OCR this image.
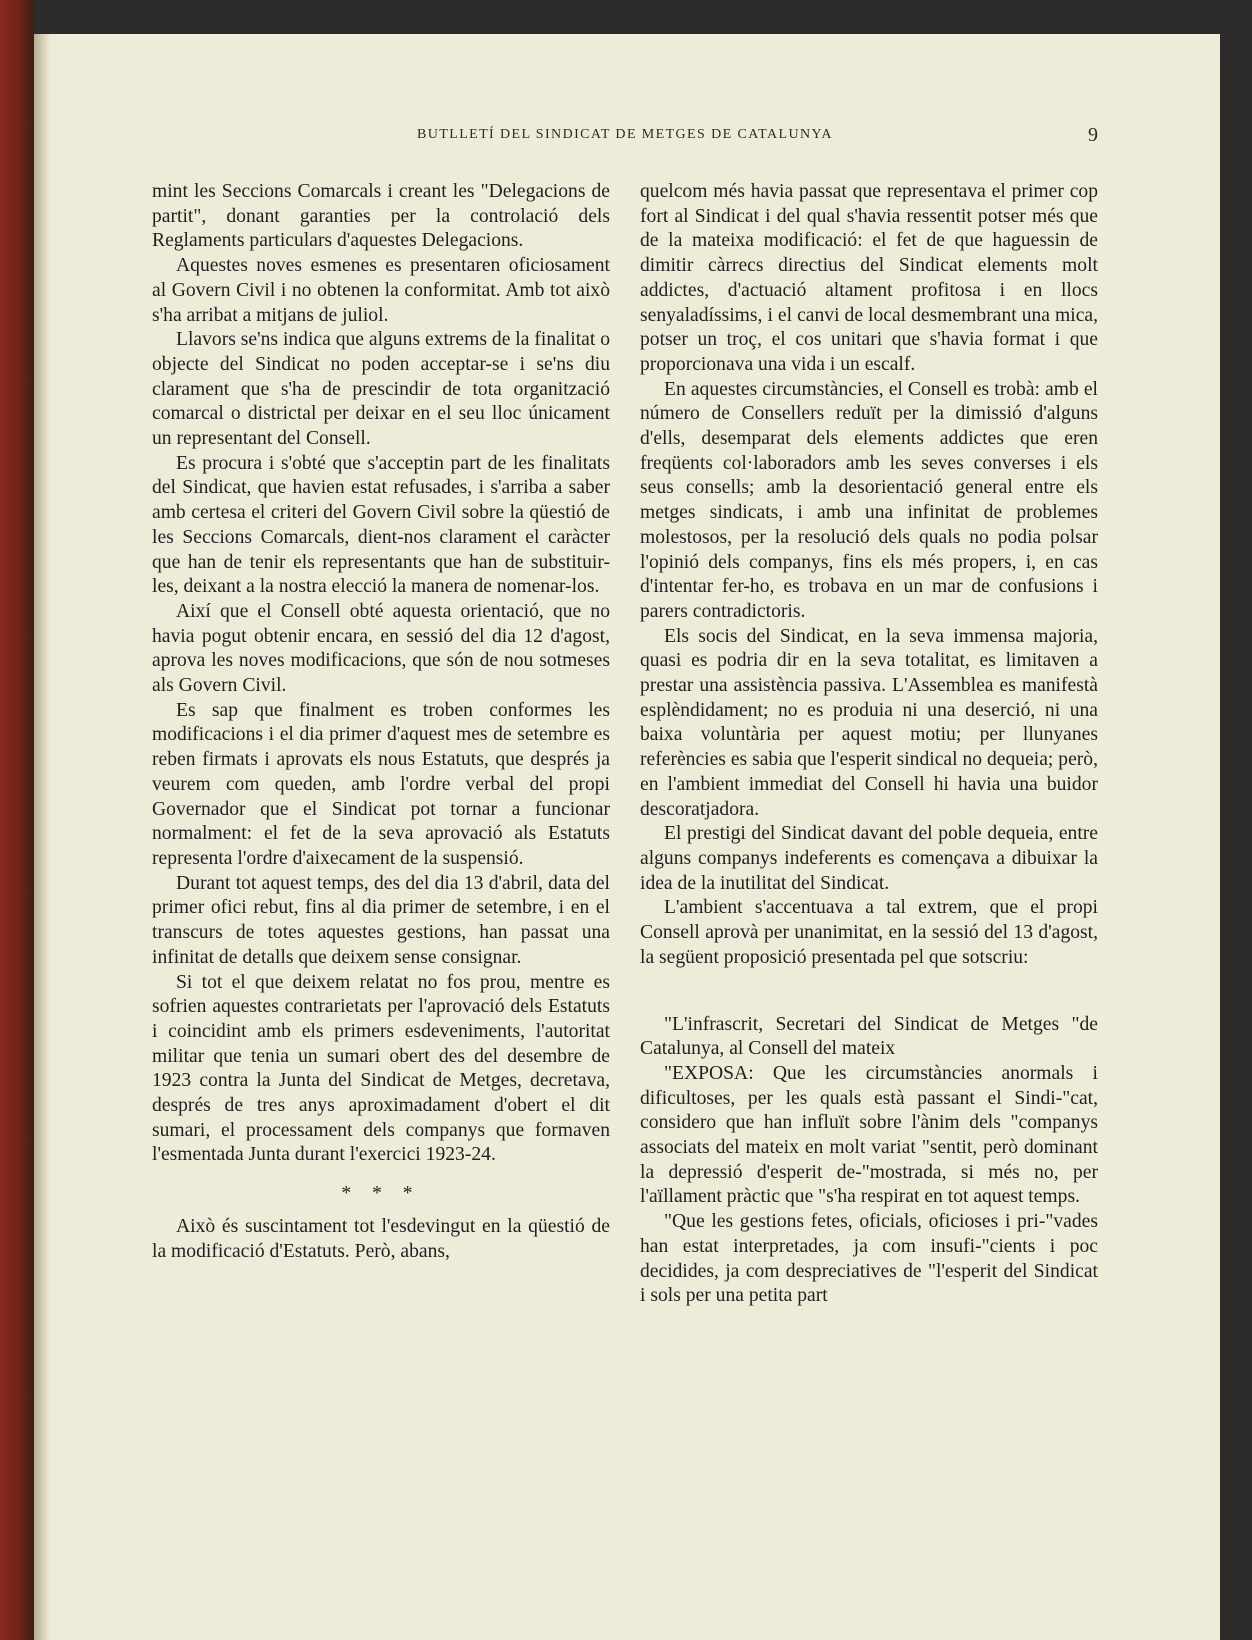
BUTLLETÍ DEL SINDICAT DE METGES DE CATALUNYA	9

mint les Seccions Comarcals i creant les "Delegacions de partit", donant garanties per la controlació dels Reglaments particulars d'aquestes Delegacions.

Aquestes noves esmenes es presentaren oficiosament al Govern Civil i no obtenen la conformitat. Amb tot això s'ha arribat a mitjans de juliol.

Llavors se'ns indica que alguns extrems de la finalitat o objecte del Sindicat no poden acceptar-se i se'ns diu clarament que s'ha de prescindir de tota organització comarcal o districtal per deixar en el seu lloc únicament un representant del Consell.

Es procura i s'obté que s'acceptin part de les finalitats del Sindicat, que havien estat refusades, i s'arriba a saber amb certesa el criteri del Govern Civil sobre la qüestió de les Seccions Comarcals, dient-nos clarament el caràcter que han de tenir els representants que han de substituir-les, deixant a la nostra elecció la manera de nomenar-los.

Així que el Consell obté aquesta orientació, que no havia pogut obtenir encara, en sessió del dia 12 d'agost, aprova les noves modificacions, que són de nou sotmeses als Govern Civil.

Es sap que finalment es troben conformes les modificacions i el dia primer d'aquest mes de setembre es reben firmats i aprovats els nous Estatuts, que després ja veurem com queden, amb l'ordre verbal del propi Governador que el Sindicat pot tornar a funcionar normalment: el fet de la seva aprovació als Estatuts representa l'ordre d'aixecament de la suspensió.

Durant tot aquest temps, des del dia 13 d'abril, data del primer ofici rebut, fins al dia primer de setembre, i en el transcurs de totes aquestes gestions, han passat una infinitat de detalls que deixem sense consignar.

Si tot el que deixem relatat no fos prou, mentre es sofrien aquestes contrarietats per l'aprovació dels Estatuts i coincidint amb els primers esdeveniments, l'autoritat militar que tenia un sumari obert des del desembre de 1923 contra la Junta del Sindicat de Metges, decretava, després de tres anys aproximadament d'obert el dit sumari, el processament dels companys que formaven l'esmentada Junta durant l'exercici 1923-24.

* * *

Això és suscintament tot l'esdevingut en la qüestió de la modificació d'Estatuts. Però, abans,

quelcom més havia passat que representava el primer cop fort al Sindicat i del qual s'havia ressentit potser més que de la mateixa modificació: el fet de que haguessin de dimitir càrrecs directius del Sindicat elements molt addictes, d'actuació altament profitosa i en llocs senyaladíssims, i el canvi de local desmembrant una mica, potser un troç, el cos unitari que s'havia format i que proporcionava una vida i un escalf.

En aquestes circumstàncies, el Consell es trobà: amb el número de Consellers reduït per la dimissió d'alguns d'ells, desemparat dels elements addictes que eren freqüents col·laboradors amb les seves converses i els seus consells; amb la desorientació general entre els metges sindicats, i amb una infinitat de problemes molestosos, per la resolució dels quals no podia polsar l'opinió dels companys, fins els més propers, i, en cas d'intentar fer-ho, es trobava en un mar de confusions i parers contradictoris.

Els socis del Sindicat, en la seva immensa majoria, quasi es podria dir en la seva totalitat, es limitaven a prestar una assistència passiva. L'Assemblea es manifestà esplèndidament; no es produia ni una deserció, ni una baixa voluntària per aquest motiu; per llunyanes referències es sabia que l'esperit sindical no dequeia; però, en l'ambient immediat del Consell hi havia una buidor descoratjadora.

El prestigi del Sindicat davant del poble dequeia, entre alguns companys indeferents es començava a dibuixar la idea de la inutilitat del Sindicat.

L'ambient s'accentuava a tal extrem, que el propi Consell aprovà per unanimitat, en la sessió del 13 d'agost, la següent proposició presentada pel que sotscriu:

"L'infrascrit, Secretari del Sindicat de Metges "de Catalunya, al Consell del mateix

"EXPOSA: Que les circumstàncies anormals i dificultoses, per les quals està passant el Sindi-"cat, considero que han influït sobre l'ànim dels "companys associats del mateix en molt variat "sentit, però dominant la depressió d'esperit de-"mostrada, si més no, per l'aïllament pràctic que "s'ha respirat en tot aquest temps.

"Que les gestions fetes, oficials, oficioses i pri-"vades han estat interpretades, ja com insufi-"cients i poc decidides, ja com despreciatives de "l'esperit del Sindicat i sols per una petita part
